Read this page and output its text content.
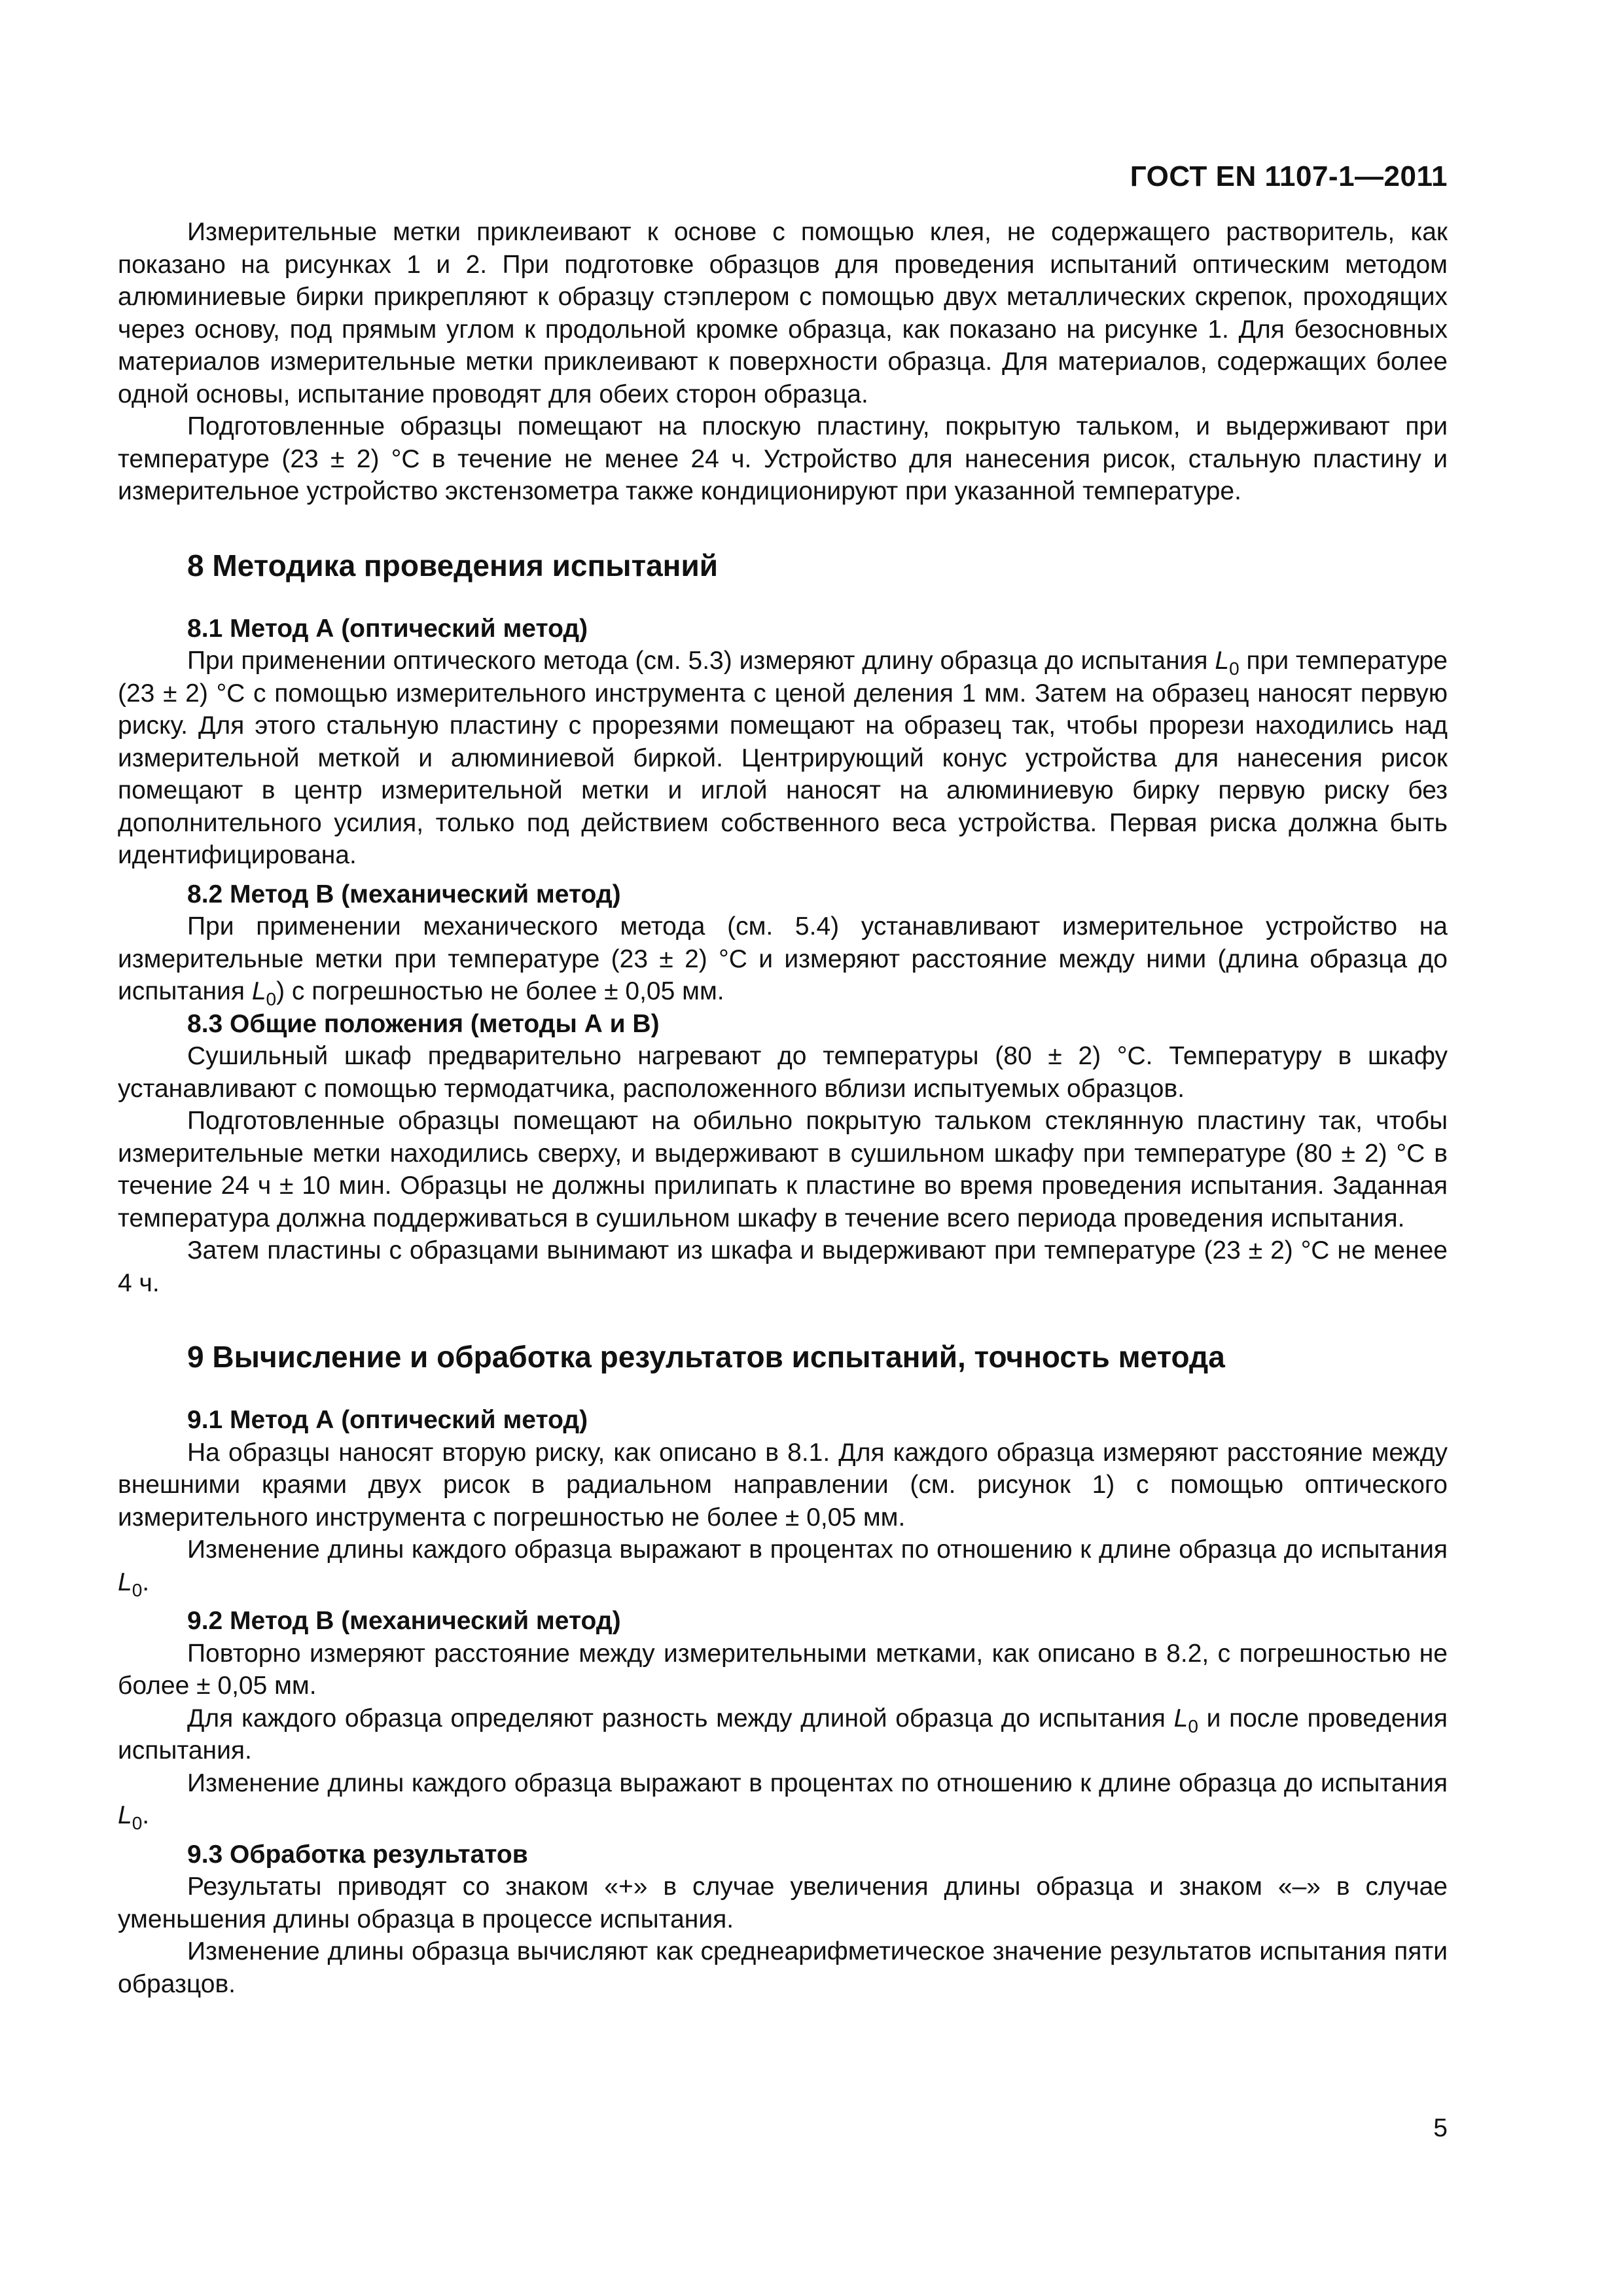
ГОСТ EN 1107-1—2011

Измерительные метки приклеивают к основе с помощью клея, не содержащего растворитель, как показано на рисунках 1 и 2. При подготовке образцов для проведения испытаний оптическим методом алюминиевые бирки прикрепляют к образцу стэплером с помощью двух металлических скрепок, проходящих через основу, под прямым углом к продольной кромке образца, как показано на рисунке 1. Для безосновных материалов измерительные метки приклеивают к поверхности образца. Для материалов, содержащих более одной основы, испытание проводят для обеих сторон образца.

Подготовленные образцы помещают на плоскую пластину, покрытую тальком, и выдерживают при температуре (23 ± 2) °С в течение не менее 24 ч. Устройство для нанесения рисок, стальную пластину и измерительное устройство экстензометра также кондиционируют при указанной температуре.

8 Методика проведения испытаний
8.1 Метод А (оптический метод)

При применении оптического метода (см. 5.3) измеряют длину образца до испытания $L_0$ при температуре (23 ± 2) °С с помощью измерительного инструмента с ценой деления 1 мм. Затем на образец наносят первую риску. Для этого стальную пластину с прорезями помещают на образец так, чтобы прорези находились над измерительной меткой и алюминиевой биркой. Центрирующий конус устройства для нанесения рисок помещают в центр измерительной метки и иглой наносят на алюминиевую бирку первую риску без дополнительного усилия, только под действием собственного веса устройства. Первая риска должна быть идентифицирована.

8.2 Метод В (механический метод)

При применении механического метода (см. 5.4) устанавливают измерительное устройство на измерительные метки при температуре (23 ± 2) °С и измеряют расстояние между ними (длина образца до испытания $L_0$) с погрешностью не более ± 0,05 мм.

8.3 Общие положения (методы А и В)

Сушильный шкаф предварительно нагревают до температуры (80 ± 2) °С. Температуру в шкафу устанавливают с помощью термодатчика, расположенного вблизи испытуемых образцов.

Подготовленные образцы помещают на обильно покрытую тальком стеклянную пластину так, чтобы измерительные метки находились сверху, и выдерживают в сушильном шкафу при температуре (80 ± 2) °С в течение 24 ч ± 10 мин. Образцы не должны прилипать к пластине во время проведения испытания. Заданная температура должна поддерживаться в сушильном шкафу в течение всего периода проведения испытания.

Затем пластины с образцами вынимают из шкафа и выдерживают при температуре (23 ± 2) °С не менее 4 ч.

9 Вычисление и обработка результатов испытаний, точность метода
9.1 Метод А (оптический метод)

На образцы наносят вторую риску, как описано в 8.1. Для каждого образца измеряют расстояние между внешними краями двух рисок в радиальном направлении (см. рисунок 1) с помощью оптического измерительного инструмента с погрешностью не более ± 0,05 мм.

Изменение длины каждого образца выражают в процентах по отношению к длине образца до испытания $L_0$.

9.2 Метод В (механический метод)

Повторно измеряют расстояние между измерительными метками, как описано в 8.2, с погрешностью не более ± 0,05 мм.

Для каждого образца определяют разность между длиной образца до испытания $L_0$ и после проведения испытания.

Изменение длины каждого образца выражают в процентах по отношению к длине образца до испытания $L_0$.

9.3 Обработка результатов

Результаты приводят со знаком «+» в случае увеличения длины образца и знаком «–» в случае уменьшения длины образца в процессе испытания.

Изменение длины образца вычисляют как среднеарифметическое значение результатов испытания пяти образцов.

5
